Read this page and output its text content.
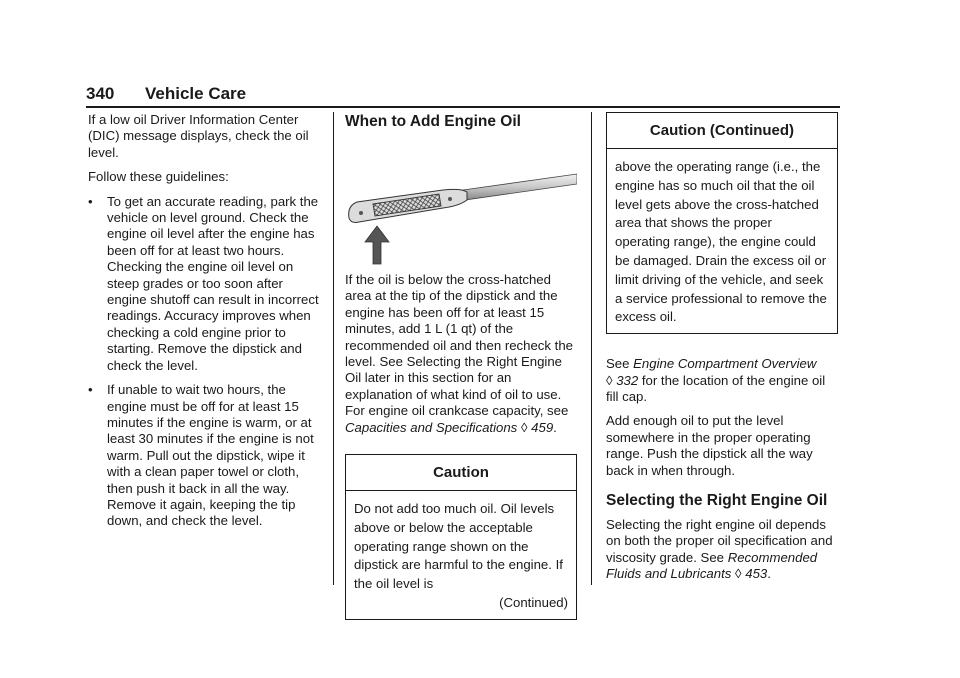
340 Vehicle Care

If a low oil Driver Information Center (DIC) message displays, check the oil level.

Follow these guidelines:

• To get an accurate reading, park the vehicle on level ground. Check the engine oil level after the engine has been off for at least two hours. Checking the engine oil level on steep grades or too soon after engine shutoff can result in incorrect readings. Accuracy improves when checking a cold engine prior to starting. Remove the dipstick and check the level.
• If unable to wait two hours, the engine must be off for at least 15 minutes if the engine is warm, or at least 30 minutes if the engine is not warm. Pull out the dipstick, wipe it with a clean paper towel or cloth, then push it back in all the way. Remove it again, keeping the tip down, and check the level.
When to Add Engine Oil

If the oil is below the cross-hatched area at the tip of the dipstick and the engine has been off for at least 15 minutes, add 1 L (1 qt) of the recommended oil and then recheck the level. See Selecting the Right Engine Oil later in this section for an explanation of what kind of oil to use. For engine oil crankcase capacity, see Capacities and Specifications ◊ 459.

Caution
Do not add too much oil. Oil levels above or below the acceptable operating range shown on the dipstick are harmful to the engine. If the oil level is
(Continued)
Caution (Continued)
above the operating range (i.e., the engine has so much oil that the oil level gets above the cross-hatched area that shows the proper operating range), the engine could be damaged. Drain the excess oil or limit driving of the vehicle, and seek a service professional to remove the excess oil.

See Engine Compartment Overview
◊ 332 for the location of the engine oil fill cap.

Add enough oil to put the level somewhere in the proper operating range. Push the dipstick all the way back in when through.

Selecting the Right Engine Oil

Selecting the right engine oil depends on both the proper oil specification and viscosity grade. See Recommended Fluids and Lubricants ◊ 453.
